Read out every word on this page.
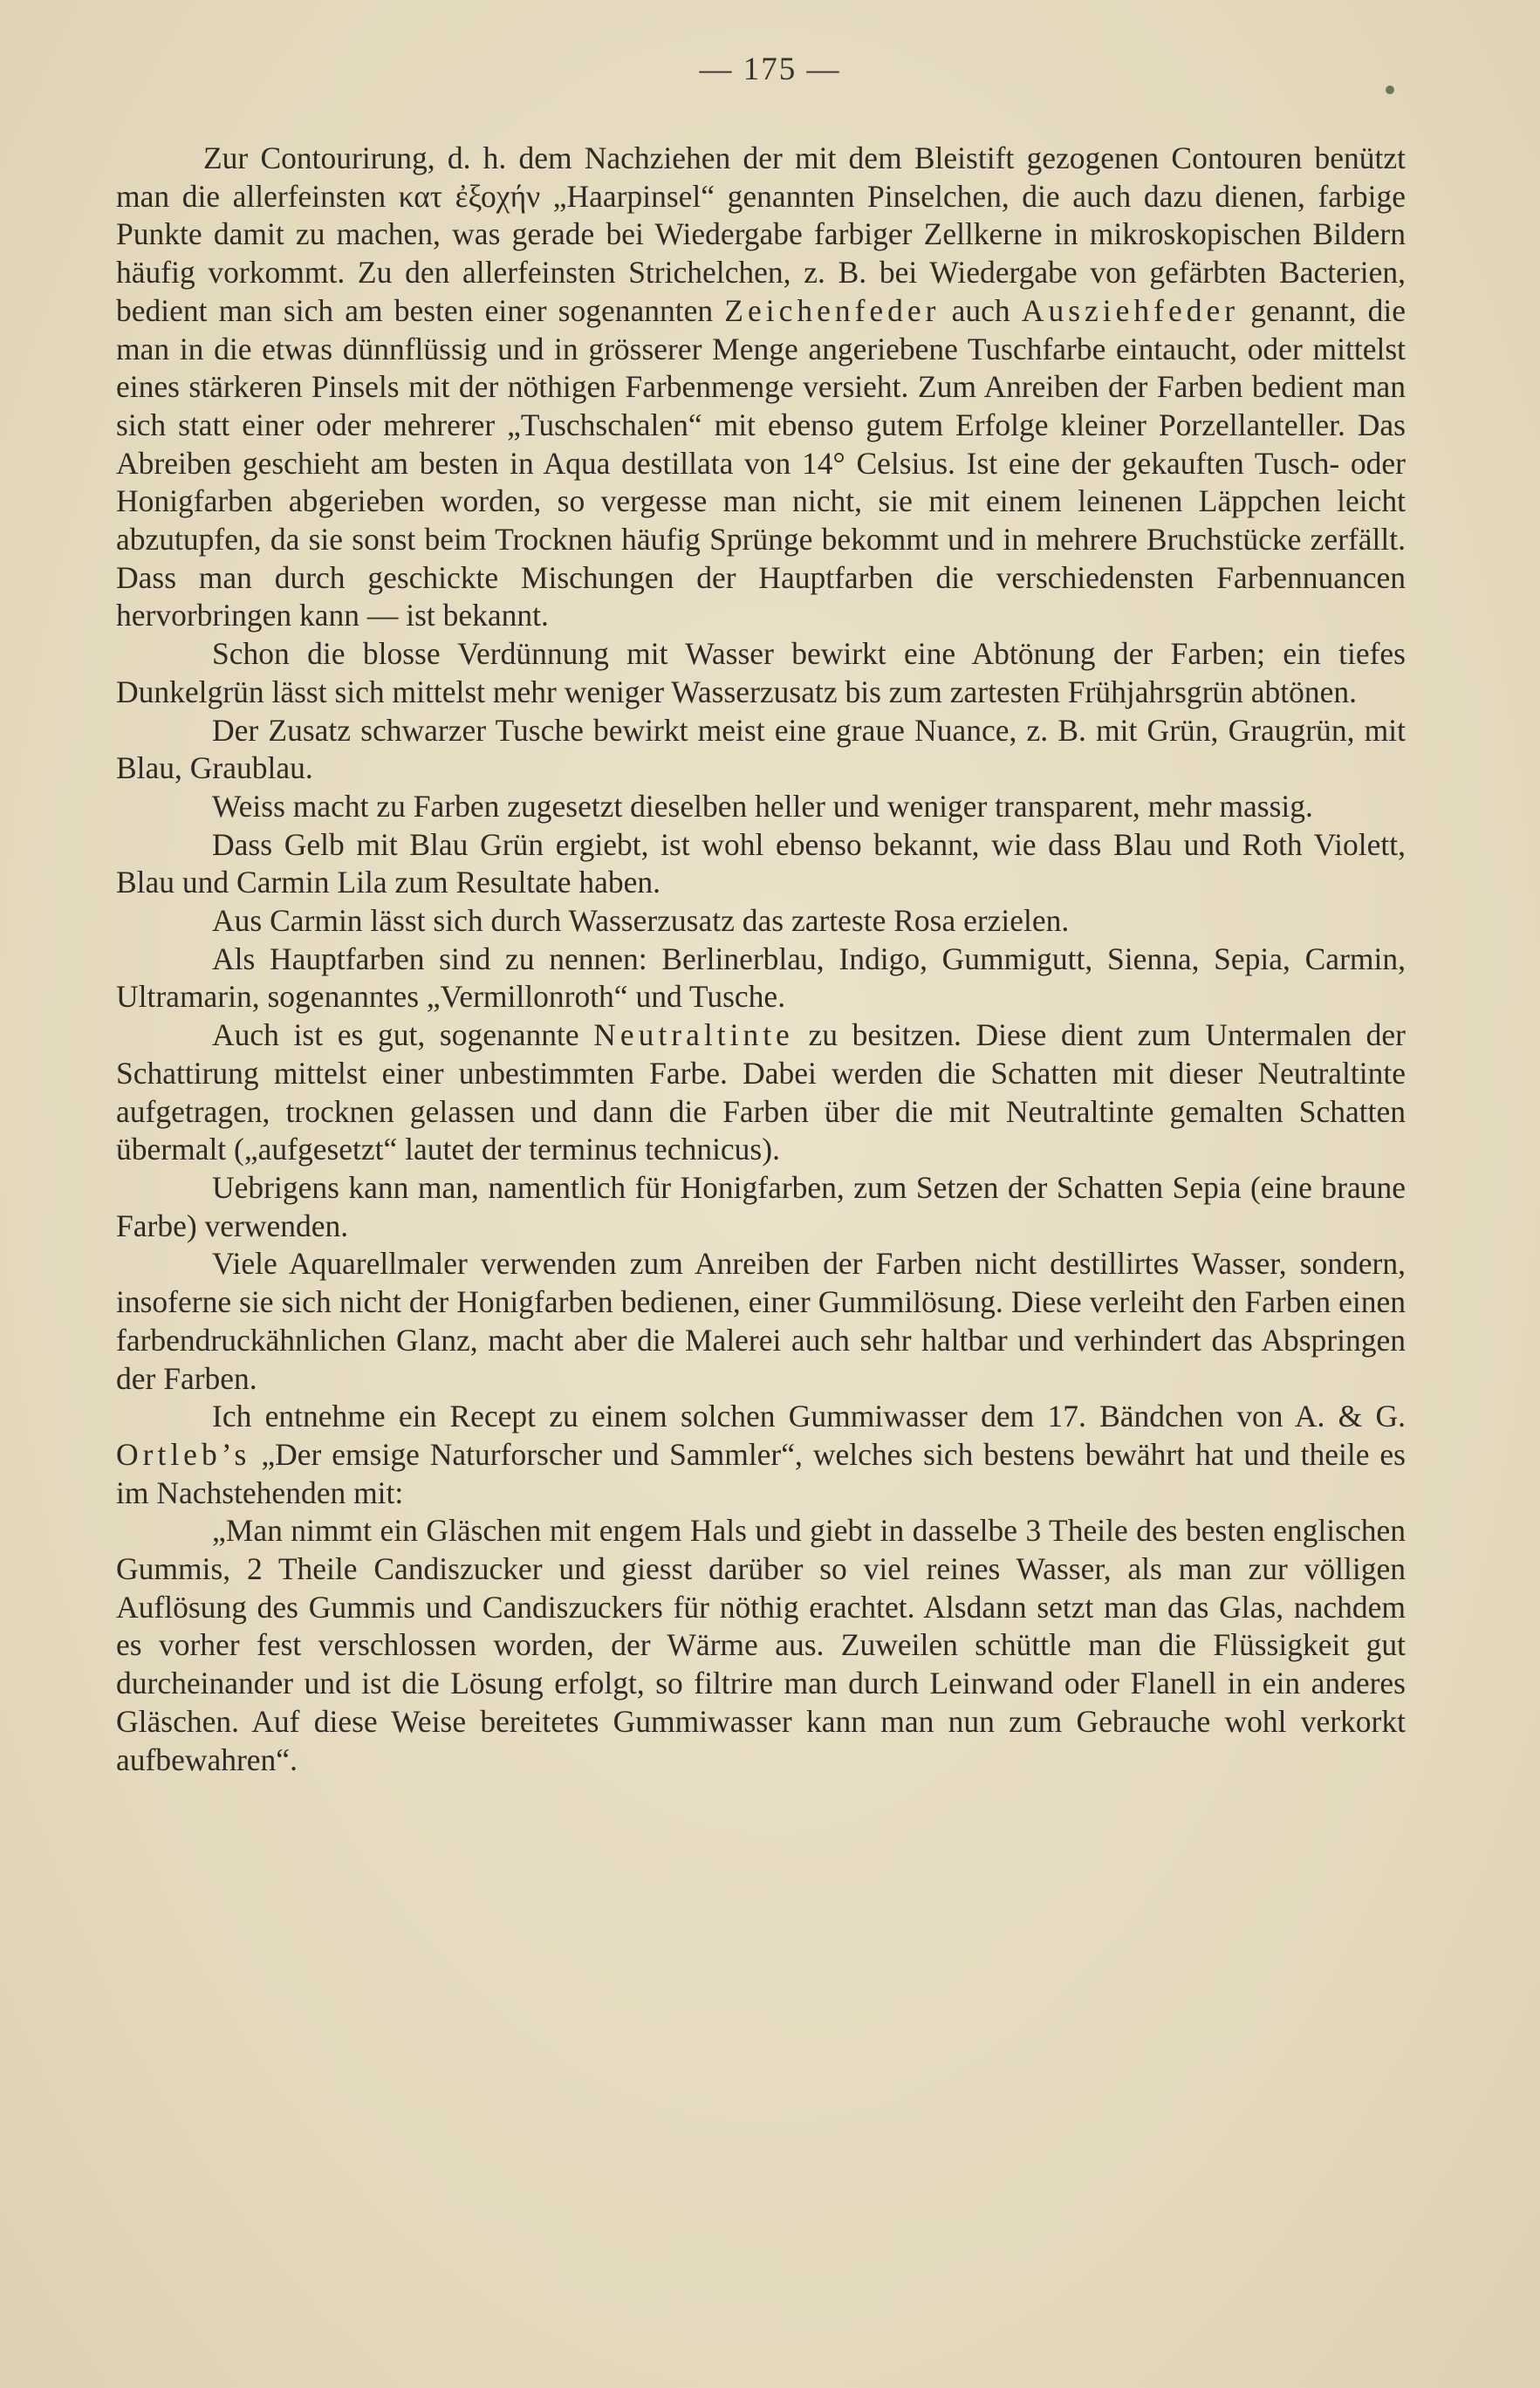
— 175 —

Zur Contourirung, d. h. dem Nachziehen der mit dem Bleistift gezogenen Contouren benützt man die allerfeinsten κατ ἐξοχήν „Haarpinsel“ genannten Pinselchen, die auch dazu dienen, farbige Punkte damit zu machen, was gerade bei Wiedergabe farbiger Zellkerne in mikroskopischen Bildern häufig vorkommt. Zu den allerfeinsten Strichelchen, z. B. bei Wiedergabe von gefärbten Bacterien, bedient man sich am besten einer sogenannten Zeichenfeder auch Ausziehfeder genannt, die man in die etwas dünnflüssig und in grösserer Menge angeriebene Tuschfarbe eintaucht, oder mittelst eines stärkeren Pinsels mit der nöthigen Farbenmenge versieht. Zum Anreiben der Farben bedient man sich statt einer oder mehrerer „Tuschschalen“ mit ebenso gutem Erfolge kleiner Porzellanteller. Das Abreiben geschieht am besten in Aqua destillata von 14° Celsius. Ist eine der gekauften Tusch- oder Honigfarben abgerieben worden, so vergesse man nicht, sie mit einem leinenen Läppchen leicht abzutupfen, da sie sonst beim Trocknen häufig Sprünge bekommt und in mehrere Bruchstücke zerfällt. Dass man durch geschickte Mischungen der Hauptfarben die verschiedensten Farbennuancen hervorbringen kann — ist bekannt.

Schon die blosse Verdünnung mit Wasser bewirkt eine Abtönung der Farben; ein tiefes Dunkelgrün lässt sich mittelst mehr weniger Wasserzusatz bis zum zartesten Frühjahrsgrün abtönen.

Der Zusatz schwarzer Tusche bewirkt meist eine graue Nuance, z. B. mit Grün, Graugrün, mit Blau, Graublau.

Weiss macht zu Farben zugesetzt dieselben heller und weniger transparent, mehr massig.

Dass Gelb mit Blau Grün ergiebt, ist wohl ebenso bekannt, wie dass Blau und Roth Violett, Blau und Carmin Lila zum Resultate haben.

Aus Carmin lässt sich durch Wasserzusatz das zarteste Rosa erzielen.

Als Hauptfarben sind zu nennen: Berlinerblau, Indigo, Gummigutt, Sienna, Sepia, Carmin, Ultramarin, sogenanntes „Vermillonroth“ und Tusche.

Auch ist es gut, sogenannte Neutraltinte zu besitzen. Diese dient zum Untermalen der Schattirung mittelst einer unbestimmten Farbe. Dabei werden die Schatten mit dieser Neutraltinte aufgetragen, trocknen gelassen und dann die Farben über die mit Neutraltinte gemalten Schatten übermalt („aufgesetzt“ lautet der terminus technicus).

Uebrigens kann man, namentlich für Honigfarben, zum Setzen der Schatten Sepia (eine braune Farbe) verwenden.

Viele Aquarellmaler verwenden zum Anreiben der Farben nicht destillirtes Wasser, sondern, insoferne sie sich nicht der Honigfarben bedienen, einer Gummilösung. Diese verleiht den Farben einen farbendruckähnlichen Glanz, macht aber die Malerei auch sehr haltbar und verhindert das Abspringen der Farben.

Ich entnehme ein Recept zu einem solchen Gummiwasser dem 17. Bändchen von A. & G. Ortleb’s „Der emsige Naturforscher und Sammler“, welches sich bestens bewährt hat und theile es im Nachstehenden mit:

„Man nimmt ein Gläschen mit engem Hals und giebt in dasselbe 3 Theile des besten englischen Gummis, 2 Theile Candiszucker und giesst darüber so viel reines Wasser, als man zur völligen Auflösung des Gummis und Candiszuckers für nöthig erachtet. Alsdann setzt man das Glas, nachdem es vorher fest verschlossen worden, der Wärme aus. Zuweilen schüttle man die Flüssigkeit gut durcheinander und ist die Lösung erfolgt, so filtrire man durch Leinwand oder Flanell in ein anderes Gläschen. Auf diese Weise bereitetes Gummiwasser kann man nun zum Gebrauche wohl verkorkt aufbewahren“.
